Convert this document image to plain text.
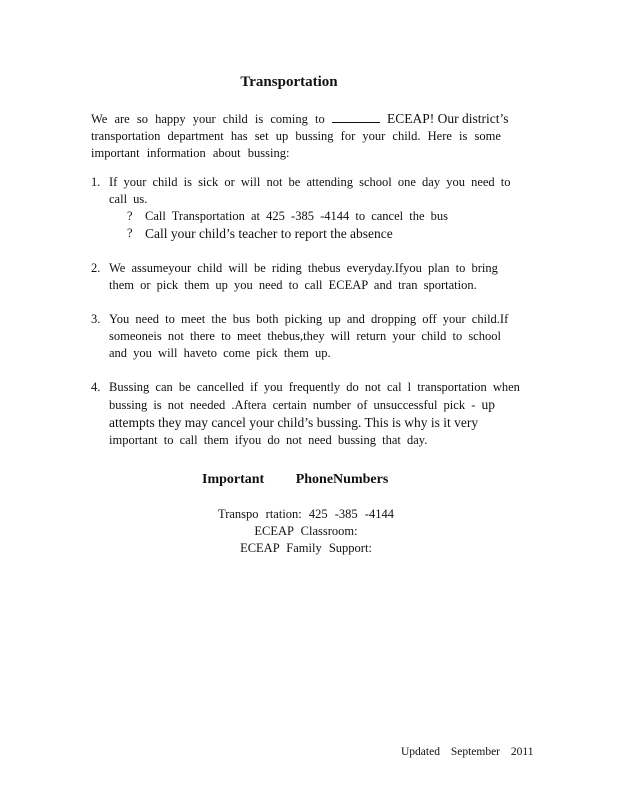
Transportation
We are so happy your child is coming to	ECEAP! Our district’s transportation department has set up bussing for your child. Here is some important information about bussing:
1. If your child is sick or will not be attending school one day you need to call us.
? Call Transportation at 425 -385 -4144 to cancel the bus
? Call your child’s teacher to report the absence
2. We assumeyour child will be riding thebus everyday.Ifyou plan to bring them or pick them up you need to call ECEAP and tran sportation.
3. You need to meet the bus both picking up and dropping off your child.If someoneis not there to meet thebus,they will return your child to school and you will haveto come pick them up.
4. Bussing can be cancelled if you frequently do not cal l transportation when bussing is not needed .Aftera certain number of unsuccessful pick - up attempts they may cancel your child’s bussing. This is why is it very important to call them ifyou do not need bussing that day.
Important PhoneNumbers
Transpo rtation: 425 -385 -4144
ECEAP Classroom:
ECEAP Family Support:
Updated September 2011
